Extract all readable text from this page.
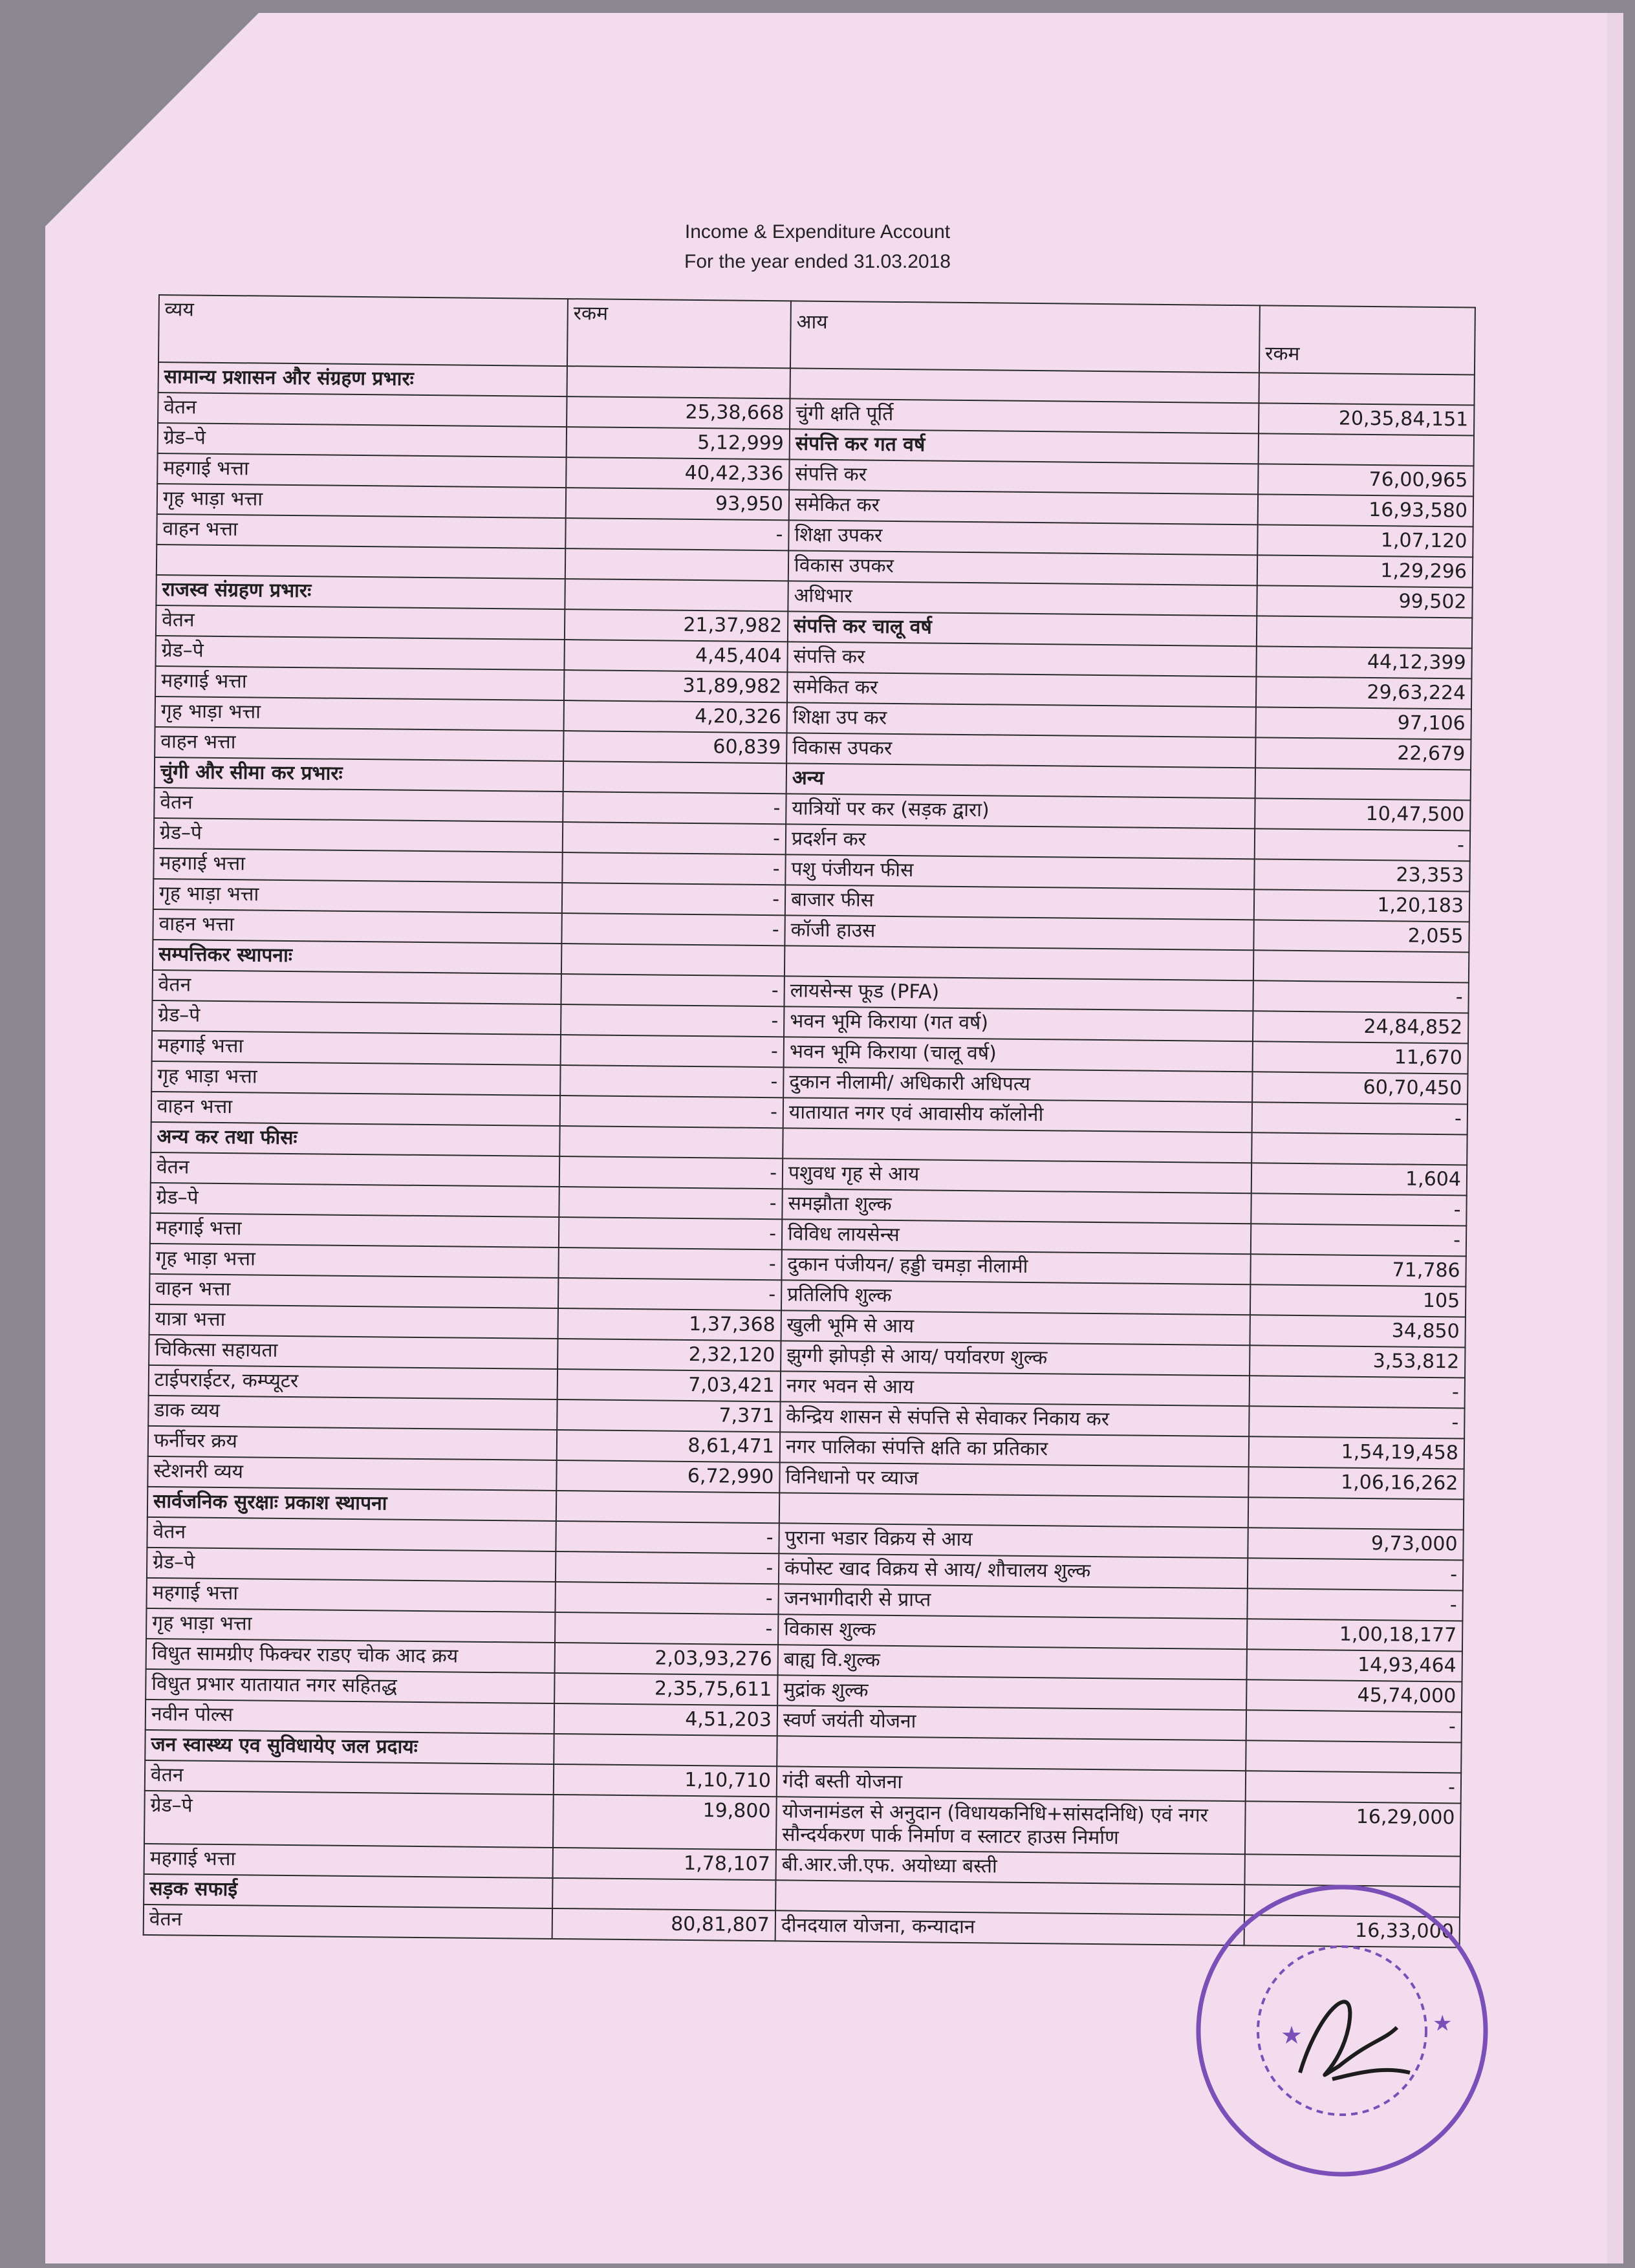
Income & Expenditure Account
For the year ended 31.03.2018
व्यय	रकम	आय	रकम
सामान्य प्रशासन और संग्रहण प्रभारः			
वेतन	25,38,668	चुंगी क्षति पूर्ति	20,35,84,151
ग्रेड–पे	5,12,999	संपत्ति कर गत वर्ष	
महगाई भत्ता	40,42,336	संपत्ति कर	76,00,965
गृह भाड़ा भत्ता	93,950	समेकित कर	16,93,580
वाहन भत्ता	-	शिक्षा उपकर	1,07,120
		विकास उपकर	1,29,296
राजस्व संग्रहण प्रभारः		अधिभार	99,502
वेतन	21,37,982	संपत्ति कर चालू वर्ष	
ग्रेड–पे	4,45,404	संपत्ति कर	44,12,399
महगाई भत्ता	31,89,982	समेकित कर	29,63,224
गृह भाड़ा भत्ता	4,20,326	शिक्षा उप कर	97,106
वाहन भत्ता	60,839	विकास उपकर	22,679
चुंगी और सीमा कर प्रभारः		अन्य	
वेतन	-	यात्रियों पर कर (सड़क द्वारा)	10,47,500
ग्रेड–पे	-	प्रदर्शन कर	-
महगाई भत्ता	-	पशु पंजीयन फीस	23,353
गृह भाड़ा भत्ता	-	बाजार फीस	1,20,183
वाहन भत्ता	-	कॉजी हाउस	2,055
सम्पत्तिकर स्थापनाः			
वेतन	-	लायसेन्स फूड (PFA)	-
ग्रेड–पे	-	भवन भूमि किराया (गत वर्ष)	24,84,852
महगाई भत्ता	-	भवन भूमि किराया (चालू वर्ष)	11,670
गृह भाड़ा भत्ता	-	दुकान नीलामी/ अधिकारी अधिपत्य	60,70,450
वाहन भत्ता	-	यातायात नगर एवं आवासीय कॉलोनी	-
अन्य कर तथा फीसः			
वेतन	-	पशुवध गृह से आय	1,604
ग्रेड–पे	-	समझौता शुल्क	-
महगाई भत्ता	-	विविध लायसेन्स	-
गृह भाड़ा भत्ता	-	दुकान पंजीयन/ हड्डी चमड़ा नीलामी	71,786
वाहन भत्ता	-	प्रतिलिपि शुल्क	105
यात्रा भत्ता	1,37,368	खुली भूमि से आय	34,850
चिकित्सा सहायता	2,32,120	झुग्गी झोपड़ी से आय/ पर्यावरण शुल्क	3,53,812
टाईपराईटर, कम्प्यूटर	7,03,421	नगर भवन से आय	-
डाक व्यय	7,371	केन्द्रिय शासन से संपत्ति से सेवाकर निकाय कर	-
फर्नीचर क्रय	8,61,471	नगर पालिका संपत्ति क्षति का प्रतिकार	1,54,19,458
स्टेशनरी व्यय	6,72,990	विनिधानो पर व्याज	1,06,16,262
सार्वजनिक सुरक्षाः प्रकाश स्थापना			
वेतन	-	पुराना भडार विक्रय से आय	9,73,000
ग्रेड–पे	-	कंपोस्ट खाद विक्रय से आय/ शौचालय शुल्क	-
महगाई भत्ता	-	जनभागीदारी से प्राप्त	-
गृह भाड़ा भत्ता	-	विकास शुल्क	1,00,18,177
विधुत सामग्रीए फिक्चर राडए चोक आद क्रय	2,03,93,276	बाह्य वि.शुल्क	14,93,464
विधुत प्रभार यातायात नगर सहितद्ध	2,35,75,611	मुद्रांक शुल्क	45,74,000
नवीन पोल्स	4,51,203	स्वर्ण जयंती योजना	-
जन स्वास्थ्य एव सुविधायेए जल प्रदायः			
वेतन	1,10,710	गंदी बस्ती योजना	-
ग्रेड–पे	19,800	योजनामंडल से अनुदान (विधायकनिधि+सांसदनिधि) एवं नगर सौन्दर्यकरण पार्क निर्माण व स्लाटर हाउस निर्माण	16,29,000
महगाई भत्ता	1,78,107	बी.आर.जी.एफ. अयोध्या बस्ती	
सड़क सफाई			
वेतन	80,81,807	दीनदयाल योजना, कन्यादान	16,33,000
★	★
